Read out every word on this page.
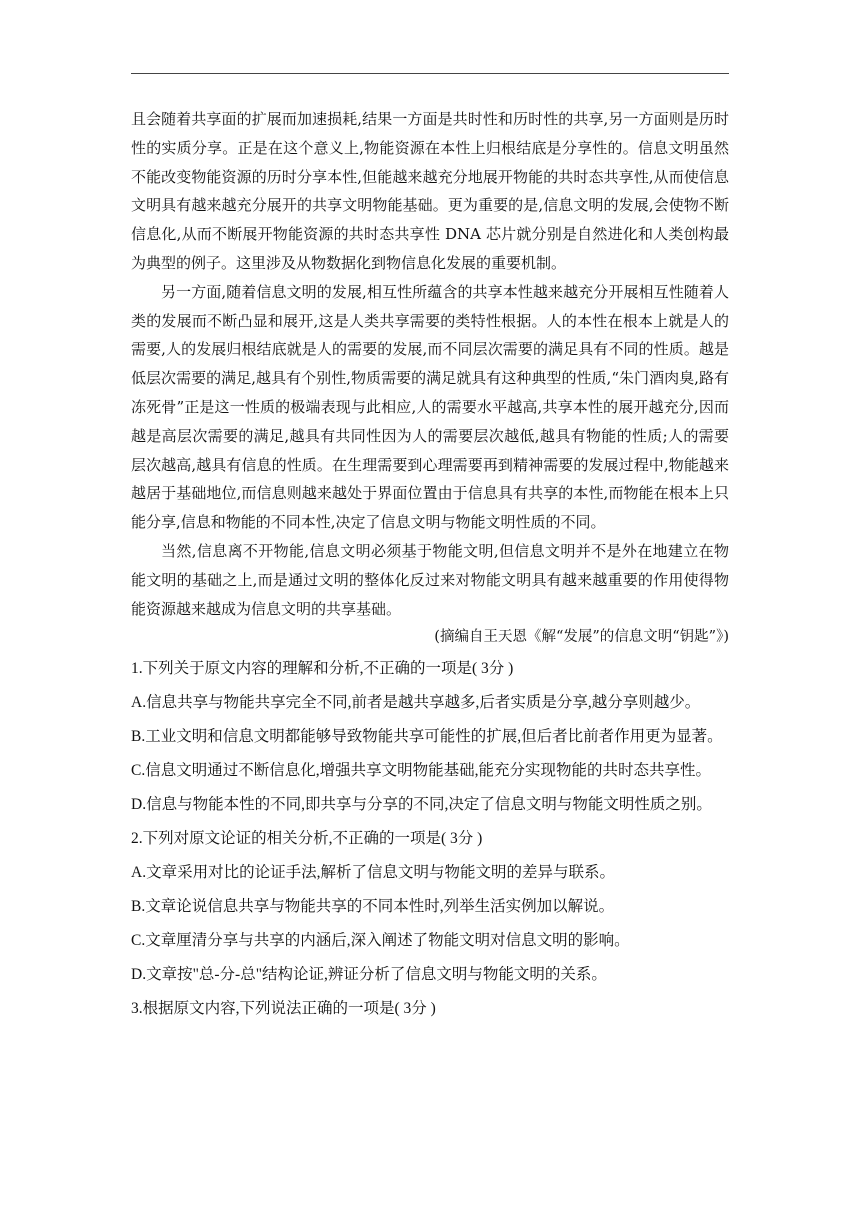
且会随着共享面的扩展而加速损耗,结果一方面是共时性和历时性的共享,另一方面则是历时性的实质分享。正是在这个意义上,物能资源在本性上归根结底是分享性的。信息文明虽然不能改变物能资源的历时分享本性,但能越来越充分地展开物能的共时态共享性,从而使信息文明具有越来越充分展开的共享文明物能基础。更为重要的是,信息文明的发展,会使物不断信息化,从而不断展开物能资源的共时态共享性 DNA 芯片就分别是自然进化和人类创构最为典型的例子。这里涉及从物数据化到物信息化发展的重要机制。

另一方面,随着信息文明的发展,相互性所蕴含的共享本性越来越充分开展相互性随着人类的发展而不断凸显和展开,这是人类共享需要的类特性根据。人的本性在根本上就是人的需要,人的发展归根结底就是人的需要的发展,而不同层次需要的满足具有不同的性质。越是低层次需要的满足,越具有个别性,物质需要的满足就具有这种典型的性质,“朱门酒肉臭,路有冻死骨”正是这一性质的极端表现与此相应,人的需要水平越高,共享本性的展开越充分,因而越是高层次需要的满足,越具有共同性因为人的需要层次越低,越具有物能的性质;人的需要层次越高,越具有信息的性质。在生理需要到心理需要再到精神需要的发展过程中,物能越来越居于基础地位,而信息则越来越处于界面位置由于信息具有共享的本性,而物能在根本上只能分享,信息和物能的不同本性,决定了信息文明与物能文明性质的不同。

当然,信息离不开物能,信息文明必须基于物能文明,但信息文明并不是外在地建立在物能文明的基础之上,而是通过文明的整体化反过来对物能文明具有越来越重要的作用使得物能资源越来越成为信息文明的共享基础。

(摘编自王天恩《解“发展”的信息文明“钥匙”》)

1.下列关于原文内容的理解和分析,不正确的一项是( 3分 )

A.信息共享与物能共享完全不同,前者是越共享越多,后者实质是分享,越分享则越少。

B.工业文明和信息文明都能够导致物能共享可能性的扩展,但后者比前者作用更为显著。

C.信息文明通过不断信息化,增强共享文明物能基础,能充分实现物能的共时态共享性。

D.信息与物能本性的不同,即共享与分享的不同,决定了信息文明与物能文明性质之别。

2.下列对原文论证的相关分析,不正确的一项是( 3分 )

A.文章采用对比的论证手法,解析了信息文明与物能文明的差异与联系。

B.文章论说信息共享与物能共享的不同本性时,列举生活实例加以解说。

C.文章厘清分享与共享的内涵后,深入阐述了物能文明对信息文明的影响。

D.文章按"总-分-总"结构论证,辨证分析了信息文明与物能文明的关系。

3.根据原文内容,下列说法正确的一项是( 3分 )
